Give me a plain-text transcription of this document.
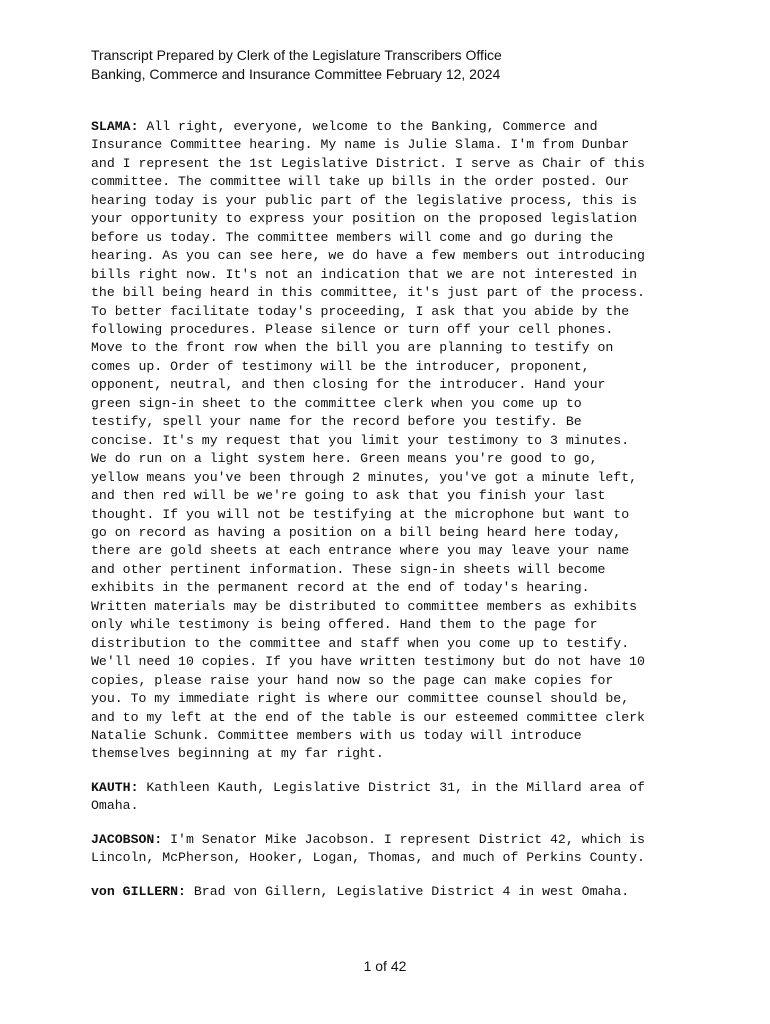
Transcript Prepared by Clerk of the Legislature Transcribers Office
Banking, Commerce and Insurance Committee February 12, 2024
SLAMA: All right, everyone, welcome to the Banking, Commerce and
Insurance Committee hearing. My name is Julie Slama. I'm from Dunbar
and I represent the 1st Legislative District. I serve as Chair of this
committee. The committee will take up bills in the order posted. Our
hearing today is your public part of the legislative process, this is
your opportunity to express your position on the proposed legislation
before us today. The committee members will come and go during the
hearing. As you can see here, we do have a few members out introducing
bills right now. It's not an indication that we are not interested in
the bill being heard in this committee, it's just part of the process.
To better facilitate today's proceeding, I ask that you abide by the
following procedures. Please silence or turn off your cell phones.
Move to the front row when the bill you are planning to testify on
comes up. Order of testimony will be the introducer, proponent,
opponent, neutral, and then closing for the introducer. Hand your
green sign-in sheet to the committee clerk when you come up to
testify, spell your name for the record before you testify. Be
concise. It's my request that you limit your testimony to 3 minutes.
We do run on a light system here. Green means you're good to go,
yellow means you've been through 2 minutes, you've got a minute left,
and then red will be we're going to ask that you finish your last
thought. If you will not be testifying at the microphone but want to
go on record as having a position on a bill being heard here today,
there are gold sheets at each entrance where you may leave your name
and other pertinent information. These sign-in sheets will become
exhibits in the permanent record at the end of today's hearing.
Written materials may be distributed to committee members as exhibits
only while testimony is being offered. Hand them to the page for
distribution to the committee and staff when you come up to testify.
We'll need 10 copies. If you have written testimony but do not have 10
copies, please raise your hand now so the page can make copies for
you. To my immediate right is where our committee counsel should be,
and to my left at the end of the table is our esteemed committee clerk
Natalie Schunk. Committee members with us today will introduce
themselves beginning at my far right.
KAUTH: Kathleen Kauth, Legislative District 31, in the Millard area of
Omaha.
JACOBSON: I'm Senator Mike Jacobson. I represent District 42, which is
Lincoln, McPherson, Hooker, Logan, Thomas, and much of Perkins County.
von GILLERN: Brad von Gillern, Legislative District 4 in west Omaha.
1 of 42
